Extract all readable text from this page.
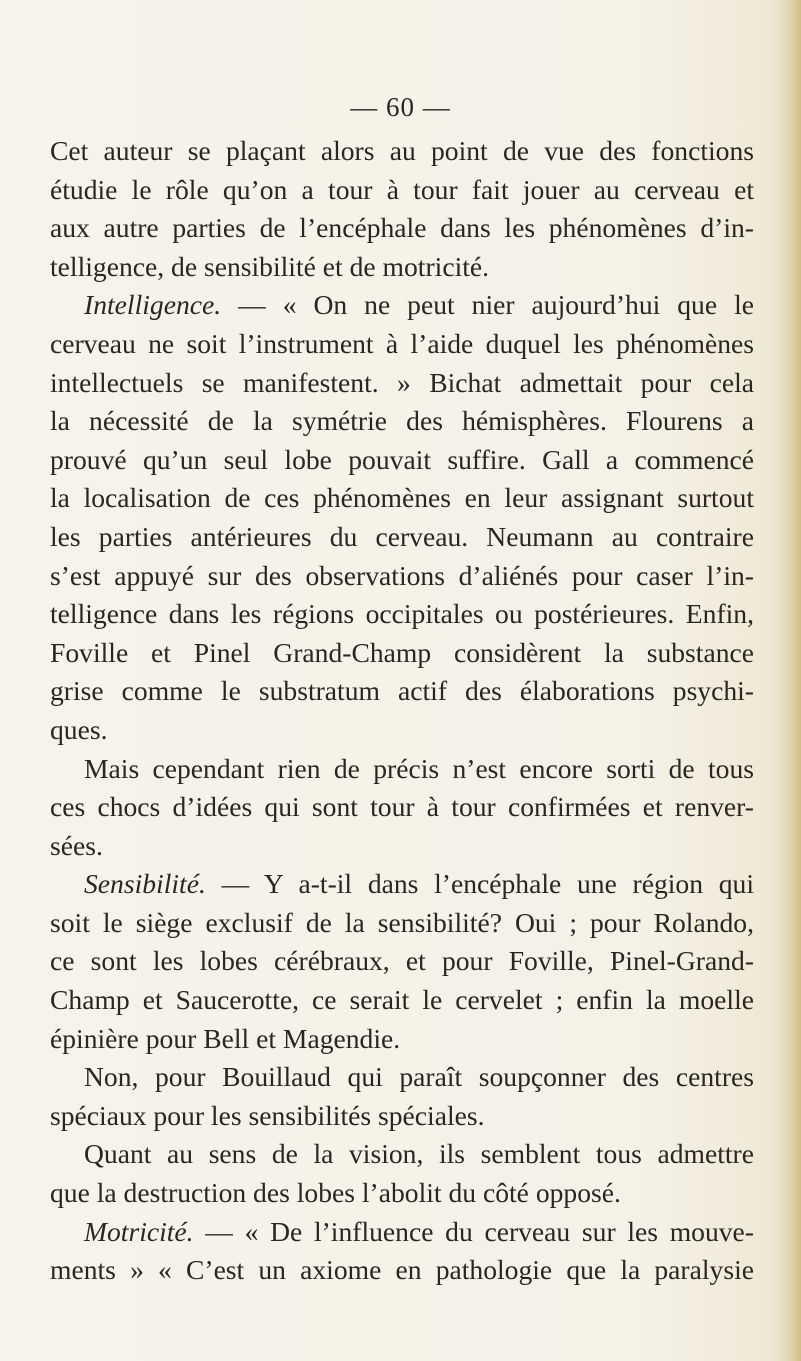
— 60 —
Cet auteur se plaçant alors au point de vue des fonctions
étudie le rôle qu’on a tour à tour fait jouer au cerveau et
aux autre parties de l’encéphale dans les phénomènes d’in-
telligence, de sensibilité et de motricité.
Intelligence. — « On ne peut nier aujourd’hui que le
cerveau ne soit l’instrument à l’aide duquel les phénomènes
intellectuels se manifestent. » Bichat admettait pour cela
la nécessité de la symétrie des hémisphères. Flourens a
prouvé qu’un seul lobe pouvait suffire. Gall a commencé
la localisation de ces phénomènes en leur assignant surtout
les parties antérieures du cerveau. Neumann au contraire
s’est appuyé sur des observations d’aliénés pour caser l’in-
telligence dans les régions occipitales ou postérieures. Enfin,
Foville et Pinel Grand-Champ considèrent la substance
grise comme le substratum actif des élaborations psychi-
ques.
Mais cependant rien de précis n’est encore sorti de tous
ces chocs d’idées qui sont tour à tour confirmées et renver-
sées.
Sensibilité. — Y a-t-il dans l’encéphale une région qui
soit le siège exclusif de la sensibilité? Oui ; pour Rolando,
ce sont les lobes cérébraux, et pour Foville, Pinel-Grand-
Champ et Saucerotte, ce serait le cervelet ; enfin la moelle
épinière pour Bell et Magendie.
Non, pour Bouillaud qui paraît soupçonner des centres
spéciaux pour les sensibilités spéciales.
Quant au sens de la vision, ils semblent tous admettre
que la destruction des lobes l’abolit du côté opposé.
Motricité. — « De l’influence du cerveau sur les mouve-
ments » « C’est un axiome en pathologie que la paralysie
